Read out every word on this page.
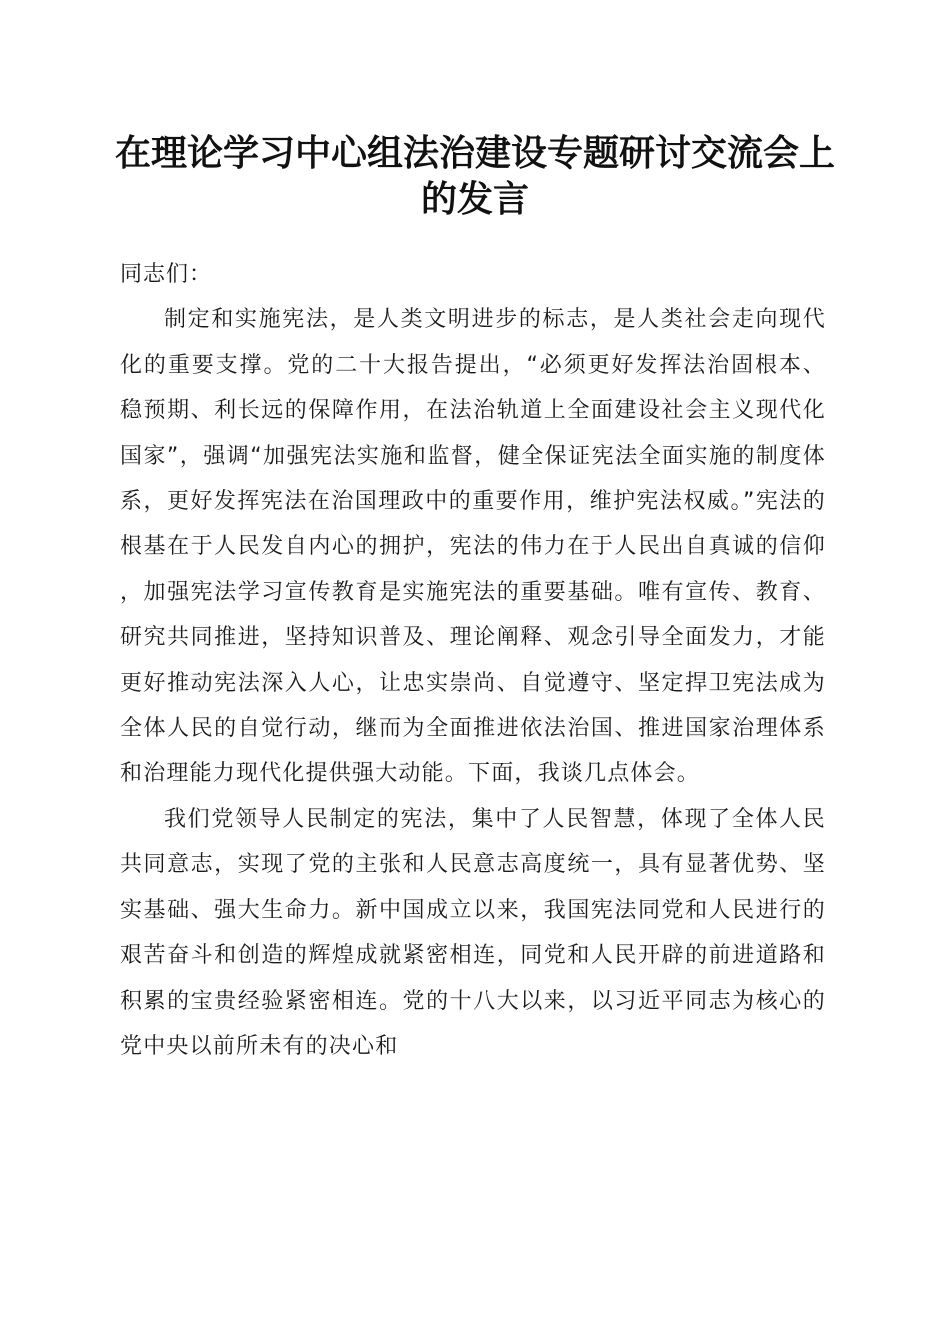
在理论学习中心组法治建设专题研讨交流会上的发言

同志们：

制定和实施宪法，是人类文明进步的标志，是人类社会走向现代化的重要支撑。党的二十大报告提出，“必须更好发挥法治固根本、稳预期、利长远的保障作用，在法治轨道上全面建设社会主义现代化国家”，强调“加强宪法实施和监督，健全保证宪法全面实施的制度体系，更好发挥宪法在治国理政中的重要作用，维护宪法权威。”宪法的根基在于人民发自内心的拥护，宪法的伟力在于人民出自真诚的信仰，加强宪法学习宣传教育是实施宪法的重要基础。唯有宣传、教育、研究共同推进，坚持知识普及、理论阐释、观念引导全面发力，才能更好推动宪法深入人心，让忠实崇尚、自觉遵守、坚定捍卫宪法成为全体人民的自觉行动，继而为全面推进依法治国、推进国家治理体系和治理能力现代化提供强大动能。下面，我谈几点体会。

我们党领导人民制定的宪法，集中了人民智慧，体现了全体人民共同意志，实现了党的主张和人民意志高度统一，具有显著优势、坚实基础、强大生命力。新中国成立以来，我国宪法同党和人民进行的艰苦奋斗和创造的辉煌成就紧密相连，同党和人民开辟的前进道路和积累的宝贵经验紧密相连。党的十八大以来，以习近平同志为核心的党中央以前所未有的决心和
